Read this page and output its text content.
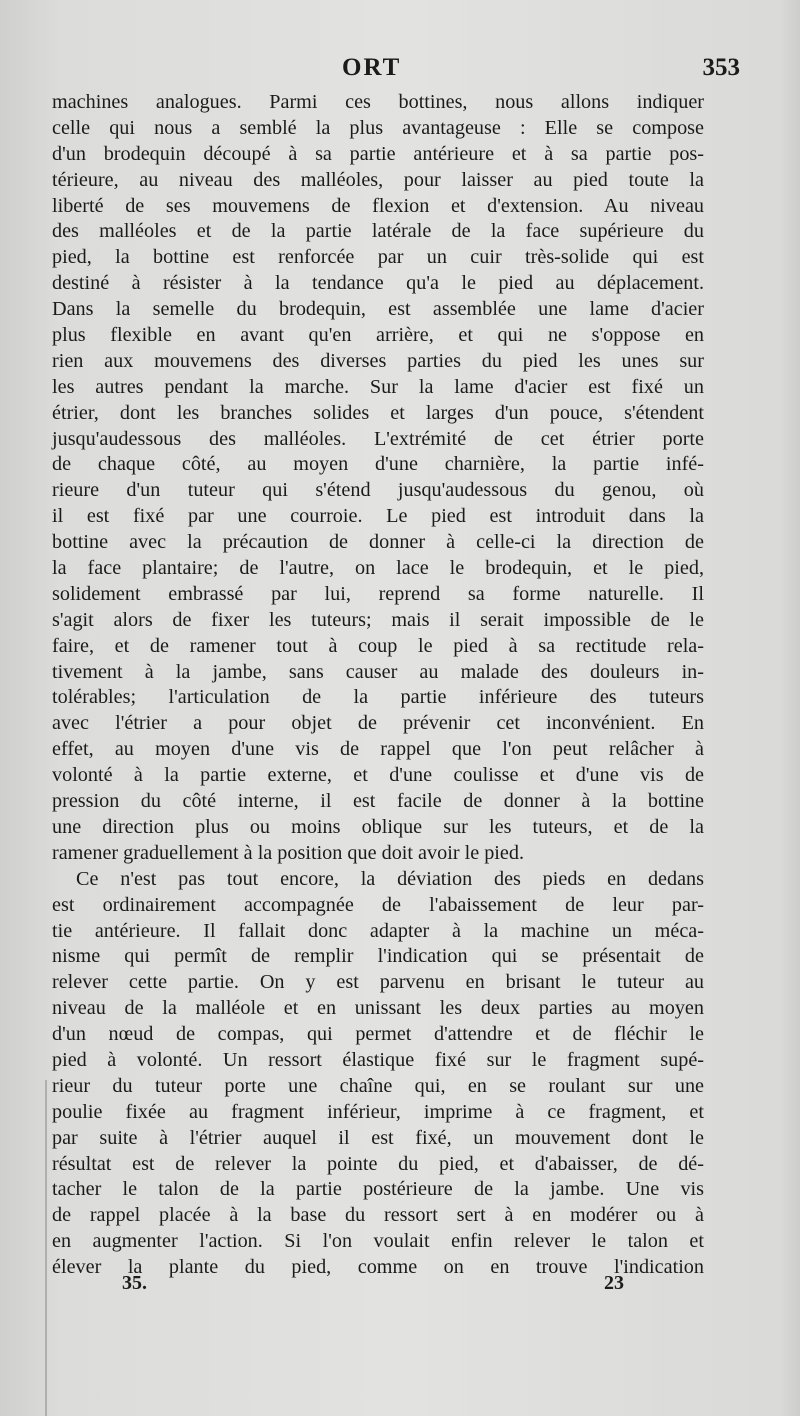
ORT	353
machines analogues. Parmi ces bottines, nous allons indiquer
celle qui nous a semblé la plus avantageuse : Elle se compose
d'un brodequin découpé à sa partie antérieure et à sa partie pos-
térieure, au niveau des malléoles, pour laisser au pied toute la
liberté de ses mouvemens de flexion et d'extension. Au niveau
des malléoles et de la partie latérale de la face supérieure du
pied, la bottine est renforcée par un cuir très-solide qui est
destiné à résister à la tendance qu'a le pied au déplacement.
Dans la semelle du brodequin, est assemblée une lame d'acier
plus flexible en avant qu'en arrière, et qui ne s'oppose en
rien aux mouvemens des diverses parties du pied les unes sur
les autres pendant la marche. Sur la lame d'acier est fixé un
étrier, dont les branches solides et larges d'un pouce, s'étendent
jusqu'audessous des malléoles. L'extrémité de cet étrier porte
de chaque côté, au moyen d'une charnière, la partie infé-
rieure d'un tuteur qui s'étend jusqu'audessous du genou, où
il est fixé par une courroie. Le pied est introduit dans la
bottine avec la précaution de donner à celle-ci la direction de
la face plantaire; de l'autre, on lace le brodequin, et le pied,
solidement embrassé par lui, reprend sa forme naturelle. Il
s'agit alors de fixer les tuteurs; mais il serait impossible de le
faire, et de ramener tout à coup le pied à sa rectitude rela-
tivement à la jambe, sans causer au malade des douleurs in-
tolérables; l'articulation de la partie inférieure des tuteurs
avec l'étrier a pour objet de prévenir cet inconvénient. En
effet, au moyen d'une vis de rappel que l'on peut relâcher à
volonté à la partie externe, et d'une coulisse et d'une vis de
pression du côté interne, il est facile de donner à la bottine
une direction plus ou moins oblique sur les tuteurs, et de la
ramener graduellement à la position que doit avoir le pied.
Ce n'est pas tout encore, la déviation des pieds en dedans
est ordinairement accompagnée de l'abaissement de leur par-
tie antérieure. Il fallait donc adapter à la machine un méca-
nisme qui permît de remplir l'indication qui se présentait de
relever cette partie. On y est parvenu en brisant le tuteur au
niveau de la malléole et en unissant les deux parties au moyen
d'un nœud de compas, qui permet d'attendre et de fléchir le
pied à volonté. Un ressort élastique fixé sur le fragment supé-
rieur du tuteur porte une chaîne qui, en se roulant sur une
poulie fixée au fragment inférieur, imprime à ce fragment, et
par suite à l'étrier auquel il est fixé, un mouvement dont le
résultat est de relever la pointe du pied, et d'abaisser, de dé-
tacher le talon de la partie postérieure de la jambe. Une vis
de rappel placée à la base du ressort sert à en modérer ou à
en augmenter l'action. Si l'on voulait enfin relever le talon et
élever la plante du pied, comme on en trouve l'indication
35.	23
